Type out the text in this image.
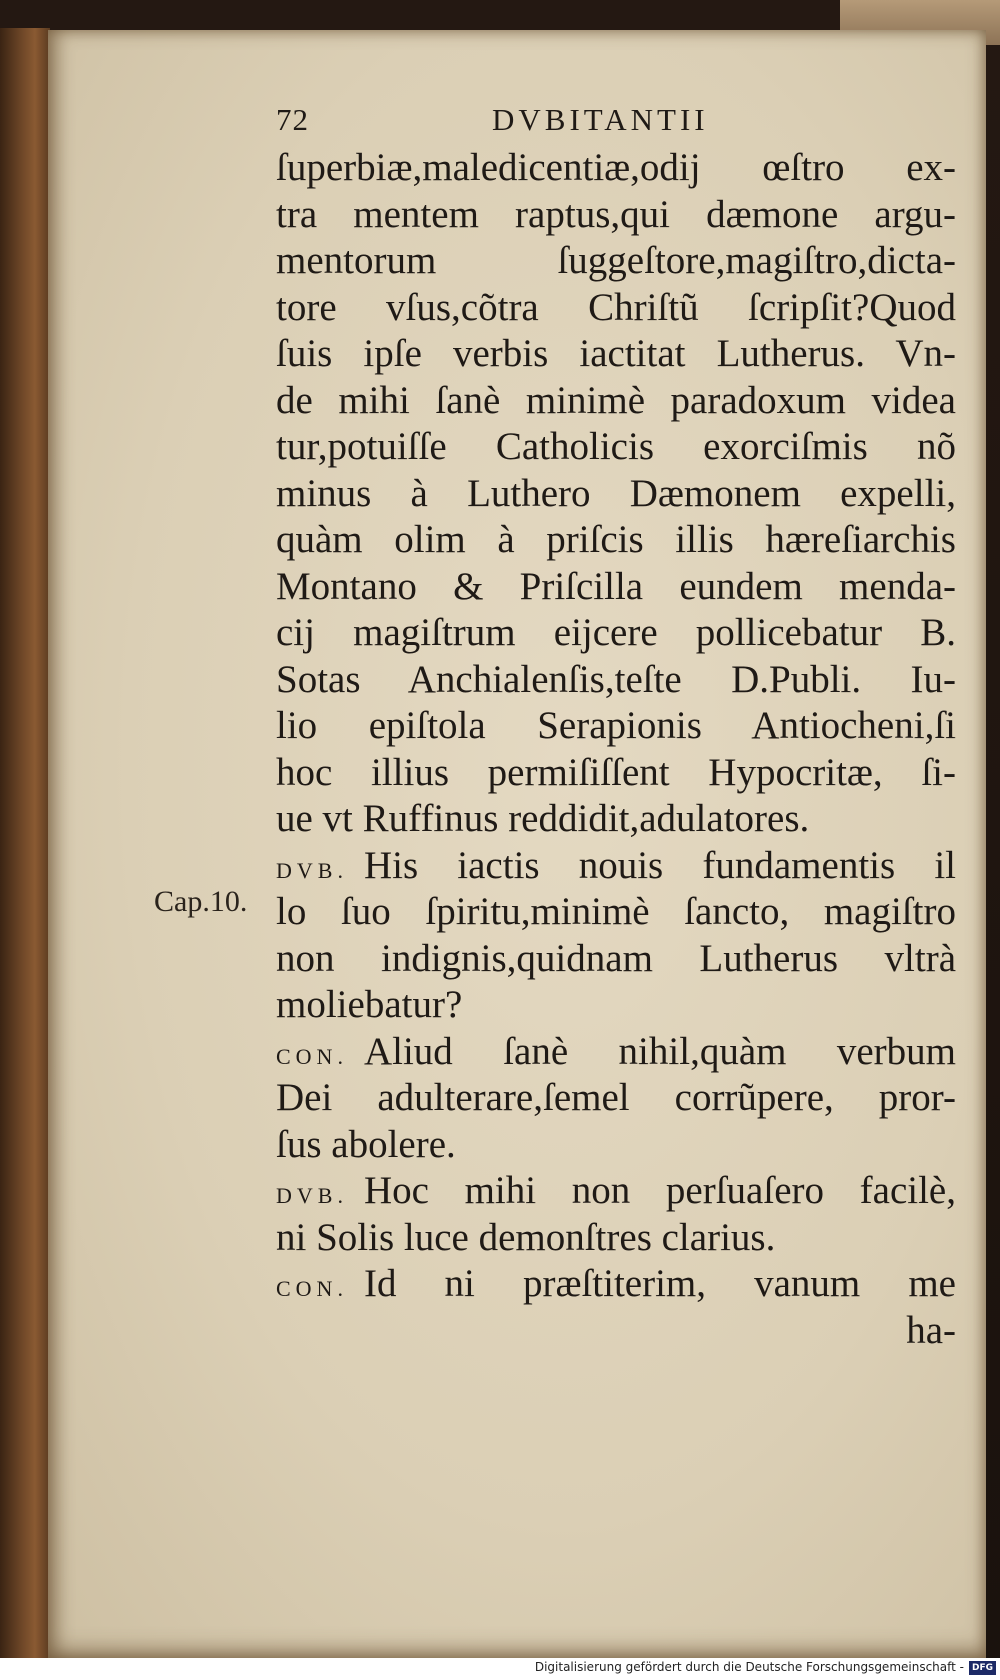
72	DVBITANTII
Cap.10.
ſuperbiæ,maledicentiæ,odij œſtro ex-
tra mentem raptus,qui dæmone argu-
mentorum ſuggeſtore,magiſtro,dicta-
tore vſus,cõtra Chriſtũ ſcripſit?Quod
ſuis ipſe verbis iactitat Lutherus. Vn-
de mihi ſanè minimè paradoxum videa
tur,potuiſſe Catholicis exorciſmis nõ
minus à Luthero Dæmonem expelli,
quàm olim à priſcis illis hæreſiarchis
Montano & Priſcilla eundem menda-
cij magiſtrum eijcere pollicebatur B.
Sotas Anchialenſis,teſte D.Publi. Iu-
lio epiſtola Serapionis Antiocheni,ſi
hoc illius permiſiſſent Hypocritæ, ſi-
ue vt Ruffinus reddidit,adulatores.
DVB. His iactis nouis fundamentis il
lo ſuo ſpiritu,minimè ſancto, magiſtro
non indignis,quidnam Lutherus vltrà
moliebatur?
CON. Aliud ſanè nihil,quàm verbum
Dei adulterare,ſemel corrũpere, pror-
ſus abolere.
DVB. Hoc mihi non perſuaſero facilè,
ni Solis luce demonſtres clarius.
CON. Id ni præſtiterim, vanum me
ha-
Digitalisierung gefördert durch die Deutsche Forschungsgemeinschaft - DFG
